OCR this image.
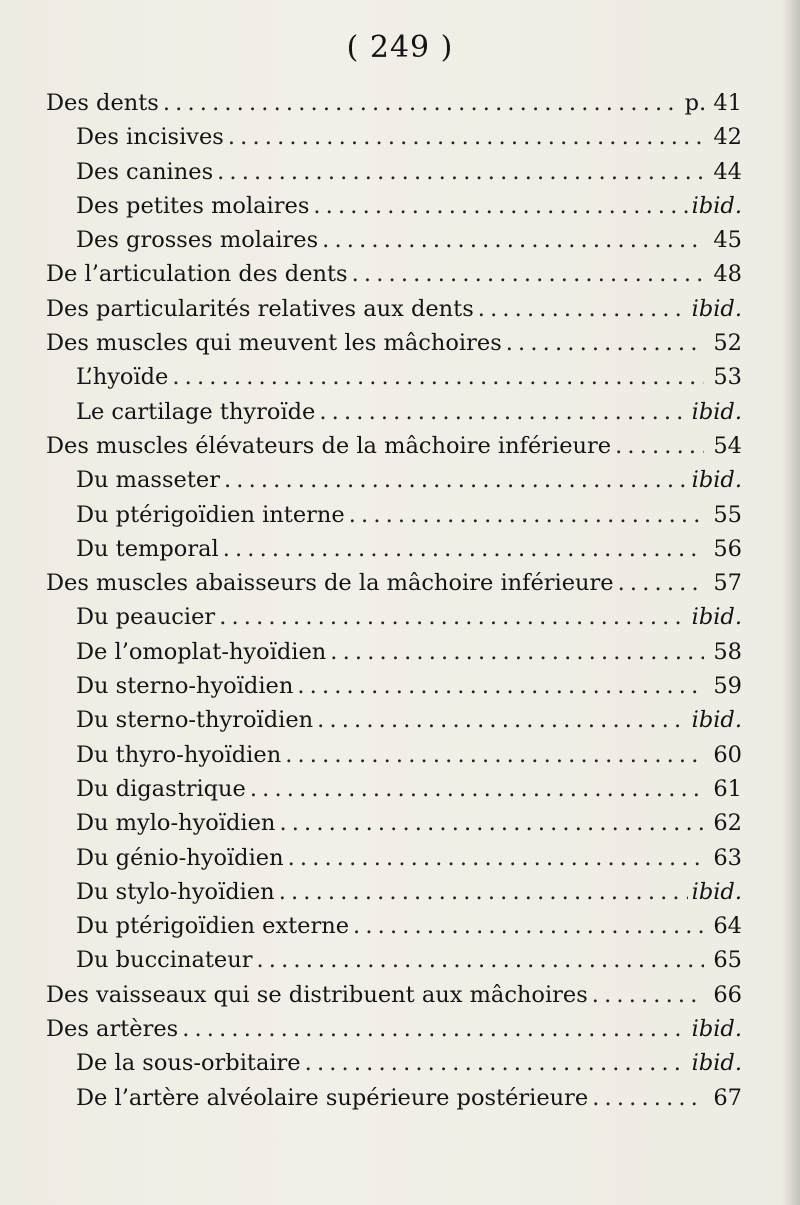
( 249 )
Des dents . . .	p. 41
Des incisives . . .	42
Des canines . . .	44
Des petites molaires . . .	ibid.
Des grosses molaires . . .	45
De l’articulation des dents . . .	48
Des particularités relatives aux dents . . .	ibid.
Des muscles qui meuvent les mâchoires . . .	52
L’hyoïde . . .	53
Le cartilage thyroïde . . .	ibid.
Des muscles élévateurs de la mâchoire inférieure . . .	54
Du masseter . . .	ibid.
Du ptérigoïdien interne . . .	55
Du temporal . . .	56
Des muscles abaisseurs de la mâchoire inférieure . . .	57
Du peaucier . . .	ibid.
De l’omoplat-hyoïdien . . .	58
Du sterno-hyoïdien . . .	59
Du sterno-thyroïdien . . .	ibid.
Du thyro-hyoïdien . . .	60
Du digastrique . . .	61
Du mylo-hyoïdien . . .	62
Du génio-hyoïdien . . .	63
Du stylo-hyoïdien . . .	ibid.
Du ptérigoïdien externe . . .	64
Du buccinateur . . .	65
Des vaisseaux qui se distribuent aux mâchoires . . .	66
Des artères . . .	ibid.
De la sous-orbitaire . . .	ibid.
De l’artère alvéolaire supérieure postérieure . . .	67
